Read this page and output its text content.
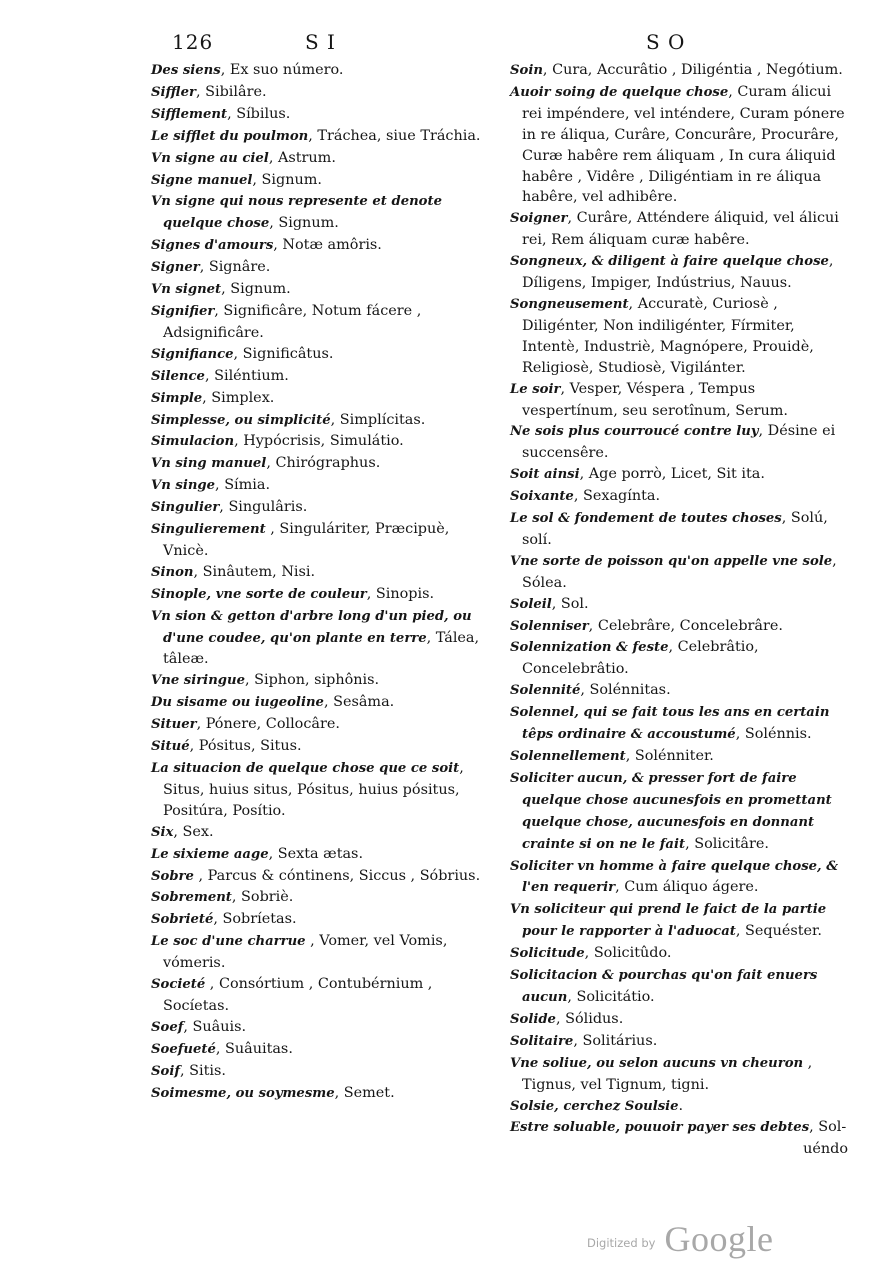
126	S I	S O

Des siens, Ex suo número.

Siffler, Sibilâre.

Sifflement, Síbilus.

Le sifflet du poulmon, Tráchea, siue Tráchia.

Vn signe au ciel, Astrum.

Signe manuel, Signum.

Vn signe qui nous represente et denote quelque chose, Signum.

Signes d'amours, Notæ amôris.

Signer, Signâre.

Vn signet, Signum.

Signifier, Significâre, Notum fácere , Adsignificâre.

Signifiance, Significâtus.

Silence, Siléntium.

Simple, Simplex.

Simplesse, ou simplicité, Simplícitas.

Simulacion, Hypócrisis, Simulátio.

Vn sing manuel, Chirógraphus.

Vn singe, Símia.

Singulier, Singulâris.

Singulierement , Singuláriter, Præcipuè, Vnicè.

Sinon, Sinâutem, Nisi.

Sinople, vne sorte de couleur, Sinopis.

Vn sion & getton d'arbre long d'un pied, ou d'une coudee, qu'on plante en terre, Tálea, tâleæ.

Vne siringue, Siphon, siphônis.

Du sisame ou iugeoline, Sesâma.

Situer, Pónere, Collocâre.

Situé, Pósitus, Situs.

La situacion de quelque chose que ce soit, Situs, huius situs, Pósitus, huius pósitus, Positúra, Posítio.

Six, Sex.

Le sixieme aage, Sexta ætas.

Sobre , Parcus & cóntinens, Siccus , Sóbrius.

Sobrement, Sobriè.

Sobrieté, Sobríetas.

Le soc d'une charrue , Vomer, vel Vomis, vómeris.

Societé , Consórtium , Contubérnium , Socíetas.

Soef, Suâuis.

Soefueté, Suâuitas.

Soif, Sitis.

Soimesme, ou soymesme, Semet.

Soin, Cura, Accurâtio , Diligéntia , Negótium.

Auoir soing de quelque chose, Curam álicui rei impéndere, vel inténdere, Curam pónere in re áliqua, Curâre, Concurâre, Procurâre, Curæ habêre rem áliquam , In cura áliquid habêre , Vidêre , Diligéntiam in re áliqua habêre, vel adhibêre.

Soigner, Curâre, Atténdere áliquid, vel álicui rei, Rem áliquam curæ habêre.

Songneux, & diligent à faire quelque chose, Díligens, Impiger, Indústrius, Nauus.

Songneusement, Accuratè, Curiosè , Diligénter, Non indiligénter, Fírmiter, Intentè, Industriè, Magnópere, Prouidè, Religiosè, Studiosè, Vigilánter.

Le soir, Vesper, Véspera , Tempus vespertínum, seu serotînum, Serum.

Ne sois plus courroucé contre luy, Désine ei succensêre.

Soit ainsi, Age porrò, Licet, Sit ita.

Soixante, Sexagínta.

Le sol & fondement de toutes choses, Solú, solí.

Vne sorte de poisson qu'on appelle vne sole, Sólea.

Soleil, Sol.

Solenniser, Celebrâre, Concelebrâre.

Solennization & feste, Celebrâtio, Concelebrâtio.

Solennité, Solénnitas.

Solennel, qui se fait tous les ans en certain têps ordinaire & accoustumé, Solénnis.

Solennellement, Solénniter.

Soliciter aucun, & presser fort de faire quelque chose aucunesfois en promettant quelque chose, aucunesfois en donnant crainte si on ne le fait, Solicitâre.

Soliciter vn homme à faire quelque chose, & l'en requerir, Cum áliquo ágere.

Vn soliciteur qui prend le faict de la partie pour le rapporter à l'aduocat, Sequéster.

Solicitude, Solicitûdo.

Solicitacion & pourchas qu'on fait enuers aucun, Solicitátio.

Solide, Sólidus.

Solitaire, Solitárius.

Vne soliue, ou selon aucuns vn cheuron , Tignus, vel Tignum, tigni.

Solsie, cerchez Soulsie.

Estre soluable, pouuoir payer ses debtes, Sol-

uéndo
$^{Digitized by}$ Google
